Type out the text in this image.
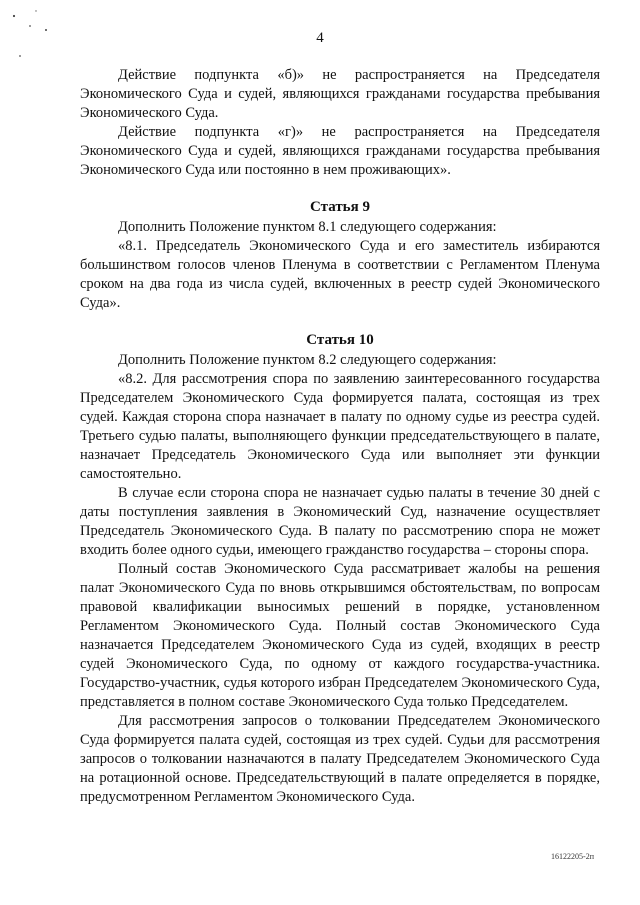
4

Действие подпункта «б)» не распространяется на Председателя Экономического Суда и судей, являющихся гражданами государства пребывания Экономического Суда.

Действие подпункта «г)» не распространяется на Председателя Экономического Суда и судей, являющихся гражданами государства пребывания Экономического Суда или постоянно в нем проживающих».

Статья 9

Дополнить Положение пунктом 8.1 следующего содержания:

«8.1. Председатель Экономического Суда и его заместитель избираются большинством голосов членов Пленума в соответствии с Регламентом Пленума сроком на два года из числа судей, включенных в реестр судей Экономического Суда».

Статья 10

Дополнить Положение пунктом 8.2 следующего содержания:

«8.2. Для рассмотрения спора по заявлению заинтересованного государства Председателем Экономического Суда формируется палата, состоящая из трех судей. Каждая сторона спора назначает в палату по одному судье из реестра судей. Третьего судью палаты, выполняющего функции председательствующего в палате, назначает Председатель Экономического Суда или выполняет эти функции самостоятельно.

В случае если сторона спора не назначает судью палаты в течение 30 дней с даты поступления заявления в Экономический Суд, назначение осуществляет Председатель Экономического Суда. В палату по рассмотрению спора не может входить более одного судьи, имеющего гражданство государства – стороны спора.

Полный состав Экономического Суда рассматривает жалобы на решения палат Экономического Суда по вновь открывшимся обстоятельствам, по вопросам правовой квалификации выносимых решений в порядке, установленном Регламентом Экономического Суда. Полный состав Экономического Суда назначается Председателем Экономического Суда из судей, входящих в реестр судей Экономического Суда, по одному от каждого государства-участника. Государство-участник, судья которого избран Председателем Экономического Суда, представляется в полном составе Экономического Суда только Председателем.

Для рассмотрения запросов о толковании Председателем Экономического Суда формируется палата судей, состоящая из трех судей. Судьи для рассмотрения запросов о толковании назначаются в палату Председателем Экономического Суда на ротационной основе. Председательствующий в палате определяется в порядке, предусмотренном Регламентом Экономического Суда.

16122205-2п
